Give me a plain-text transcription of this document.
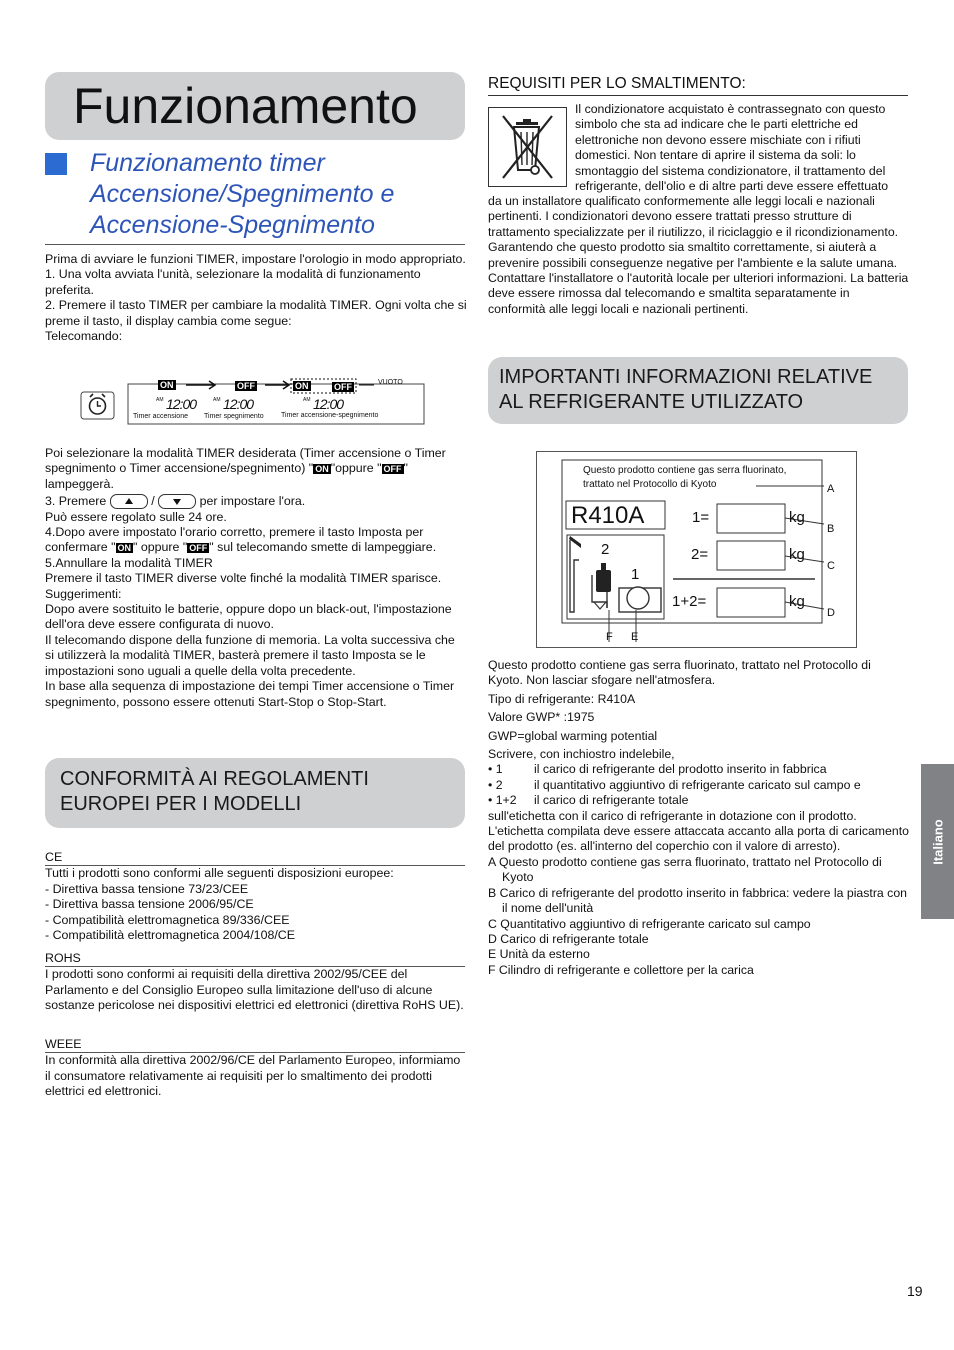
Funzionamento
Funzionamento timer Accensione/Spegnimento e Accensione-Spegnimento

Prima di avviare le funzioni TIMER, impostare l'orologio in modo appropriato.

1. Una volta avviata l'unità, selezionare la modalità di funzionamento preferita.

2. Premere il tasto TIMER per cambiare la modalità TIMER. Ogni volta che si preme il tasto, il display cambia come segue:

Telecomando:

ON	OFF	ON	OFF	VUOTO
AM 12:00	AM 12:00	AM 12:00
Timer accensione Timer spegnimento Timer accensione-spegnimento

Poi selezionare la modalità TIMER desiderata (Timer accensione o Timer spegnimento o Timer accensione/spegnimento) " ON "oppure " OFF " lampeggerà.

3. Premere	/	per impostare l'ora.

Può essere regolato sulle 24 ore.

4.Dopo avere impostato l'orario corretto, premere il tasto Imposta per confermare " ON " oppure " OFF " sul telecomando smette di lampeggiare.

5.Annullare la modalità TIMER

Premere il tasto TIMER diverse volte finché la modalità TIMER sparisce.

Suggerimenti:

Dopo avere sostituito le batterie, oppure dopo un black-out, l'impostazione dell'ora deve essere configurata di nuovo.

Il telecomando dispone della funzione di memoria. La volta successiva che si utilizzerà la modalità TIMER, basterà premere il tasto Imposta se le impostazioni sono uguali a quelle della volta precedente.

In base alla sequenza di impostazione dei tempi Timer accensione o Timer spegnimento, possono essere ottenuti Start-Stop o Stop-Start.

CONFORMITÀ AI REGOLAMENTI EUROPEI PER I MODELLI

CE

Tutti i prodotti sono conformi alle seguenti disposizioni europee:

- Direttiva bassa tensione 73/23/CEE

- Direttiva bassa tensione 2006/95/CE

- Compatibilità elettromagnetica 89/336/CEE

- Compatibilità elettromagnetica 2004/108/CE

ROHS

I prodotti sono conformi ai requisiti della direttiva 2002/95/CEE del Parlamento e del Consiglio Europeo sulla limitazione dell'uso di alcune sostanze pericolose nei dispositivi elettrici ed elettronici (direttiva RoHS UE).

WEEE

In conformità alla direttiva 2002/96/CE del Parlamento Europeo, informiamo il consumatore relativamente ai requisiti per lo smaltimento dei prodotti elettrici ed elettronici.

REQUISITI PER LO SMALTIMENTO:
Il condizionatore acquistato è contrassegnato con questo simbolo che sta ad indicare che le parti elettriche ed elettroniche non devono essere mischiate con i rifiuti domestici. Non tentare di aprire il sistema da soli: lo smontaggio del sistema condizionatore, il trattamento del refrigerante, dell'olio e di altre parti deve essere effettuato
da un installatore qualificato conformemente alle leggi locali e nazionali pertinenti. I condizionatori devono essere trattati presso strutture di trattamento specializzate per il riutilizzo, il riciclaggio e il ricondizionamento. Garantendo che questo prodotto sia smaltito correttamente, si aiuterà a prevenire possibili conseguenze negative per l'ambiente e la salute umana. Contattare l'installatore o l'autorità locale per ulteriori informazioni. La batteria deve essere rimossa dal telecomando e smaltita separatamente in conformità alle leggi locali e nazionali pertinenti.
IMPORTANTI INFORMAZIONI RELATIVE AL REFRIGERANTE UTILIZZATO
Questo prodotto contiene gas serra fluorinato, trattato nel Protocollo di Kyoto
R410A	1=	kg
2=	kg
1+2=	kg
2
1
A
B
C
D
F E

Questo prodotto contiene gas serra fluorinato, trattato nel Protocollo di Kyoto. Non lasciar sfogare nell'atmosfera.

Tipo di refrigerante: R410A

Valore GWP* :1975

GWP=global warming potential

Scrivere, con inchiostro indelebile,

• 1	il carico di refrigerante del prodotto inserito in fabbrica

• 2	il quantitativo aggiuntivo di refrigerante caricato sul campo e

• 1+2 il carico di refrigerante totale

sull'etichetta con il carico di refrigerante in dotazione con il prodotto.

L'etichetta compilata deve essere attaccata accanto alla porta di caricamento del prodotto (es. all'interno del coperchio con il valore di arresto).

A Questo prodotto contiene gas serra fluorinato, trattato nel Protocollo di Kyoto

B Carico di refrigerante del prodotto inserito in fabbrica: vedere la piastra con il nome dell'unità

C Quantitativo aggiuntivo di refrigerante caricato sul campo

D Carico di refrigerante totale

E Unità da esterno

F Cilindro di refrigerante e collettore per la carica

Italiano
19
